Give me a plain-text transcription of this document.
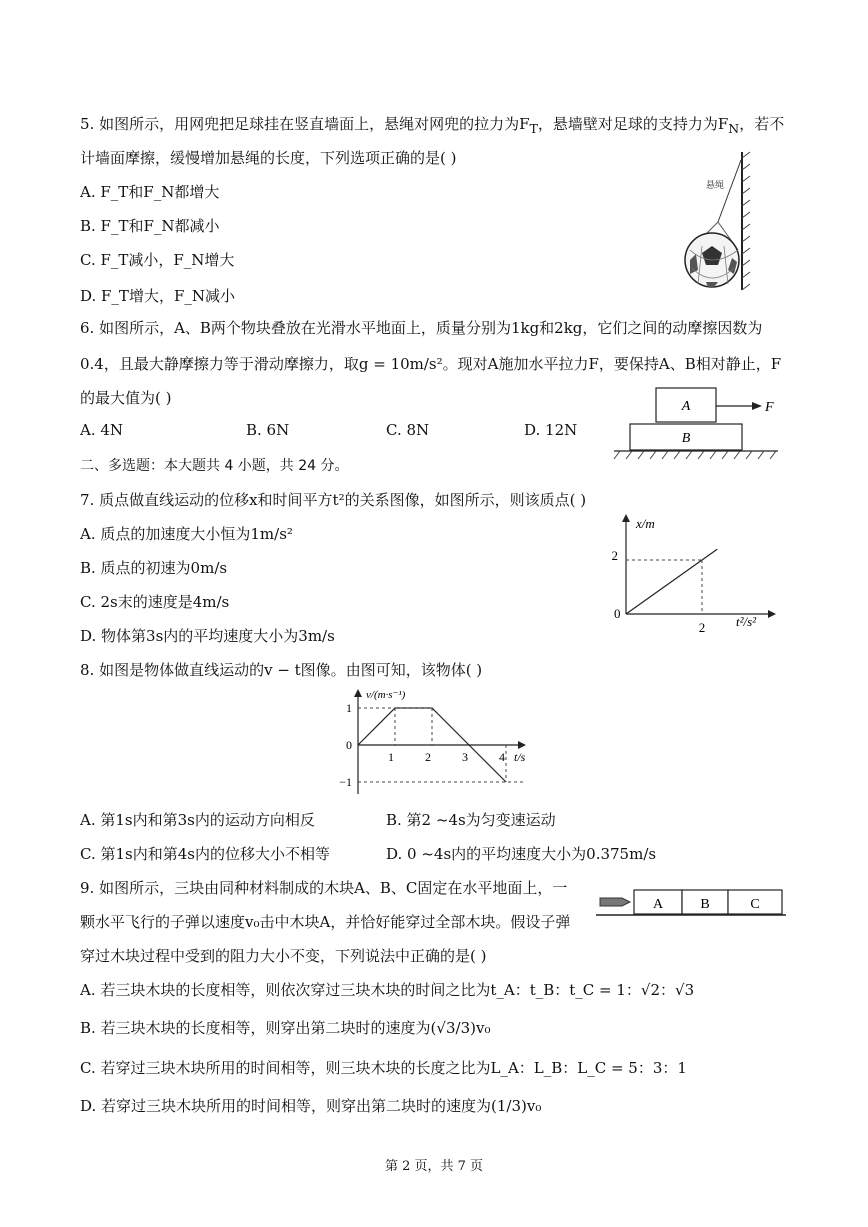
5. 如图所示，用网兜把足球挂在竖直墙面上，悬绳对网兜的拉力为$F_T$，悬墙壁对足球的支持力为$F_N$，若不
计墙面摩擦，缓慢增加悬绳的长度，下列选项正确的是( )
A. F_T和F_N都增大
B. F_T和F_N都减小
C. F_T减小，F_N增大
D. F_T增大，F_N减小
悬绳
6. 如图所示，A、B两个物块叠放在光滑水平地面上，质量分别为1kg和2kg，它们之间的动摩擦因数为
0.4，且最大静摩擦力等于滑动摩擦力，取g = 10m/s²。现对A施加水平拉力F，要保持A、B相对静止，F
的最大值为( )
A. 4N	B. 6N	C. 8N	D. 12N
A
B
F
二、多选题：本大题共 4 小题，共 24 分。
7. 质点做直线运动的位移x和时间平方t²的关系图像，如图所示，则该质点( )
A. 质点的加速度大小恒为1m/s²
B. 质点的初速为0m/s
C. 2s末的速度是4m/s
D. 物体第3s内的平均速度大小为3m/s
x/m
t²/s²
0
2
2
8. 如图是物体做直线运动的v − t图像。由图可知，该物体( )
v/(m·s⁻¹)
t/s
1	2	3	4
1
0
−1
A. 第1s内和第3s内的运动方向相反	B. 第2 ~4s为匀变速运动
C. 第1s内和第4s内的位移大小不相等	D. 0 ~4s内的平均速度大小为0.375m/s
9. 如图所示，三块由同种材料制成的木块A、B、C固定在水平地面上，一
颗水平飞行的子弹以速度v₀击中木块A，并恰好能穿过全部木块。假设子弹
穿过木块过程中受到的阻力大小不变，下列说法中正确的是( )
A. 若三块木块的长度相等，则依次穿过三块木块的时间之比为t_A：t_B：t_C = 1：√2：√3
B. 若三块木块的长度相等，则穿出第二块时的速度为(√3/3)v₀
C. 若穿过三块木块所用的时间相等，则三块木块的长度之比为L_A：L_B：L_C = 5：3：1
D. 若穿过三块木块所用的时间相等，则穿出第二块时的速度为(1/3)v₀
A	B	C
第 2 页，共 7 页
